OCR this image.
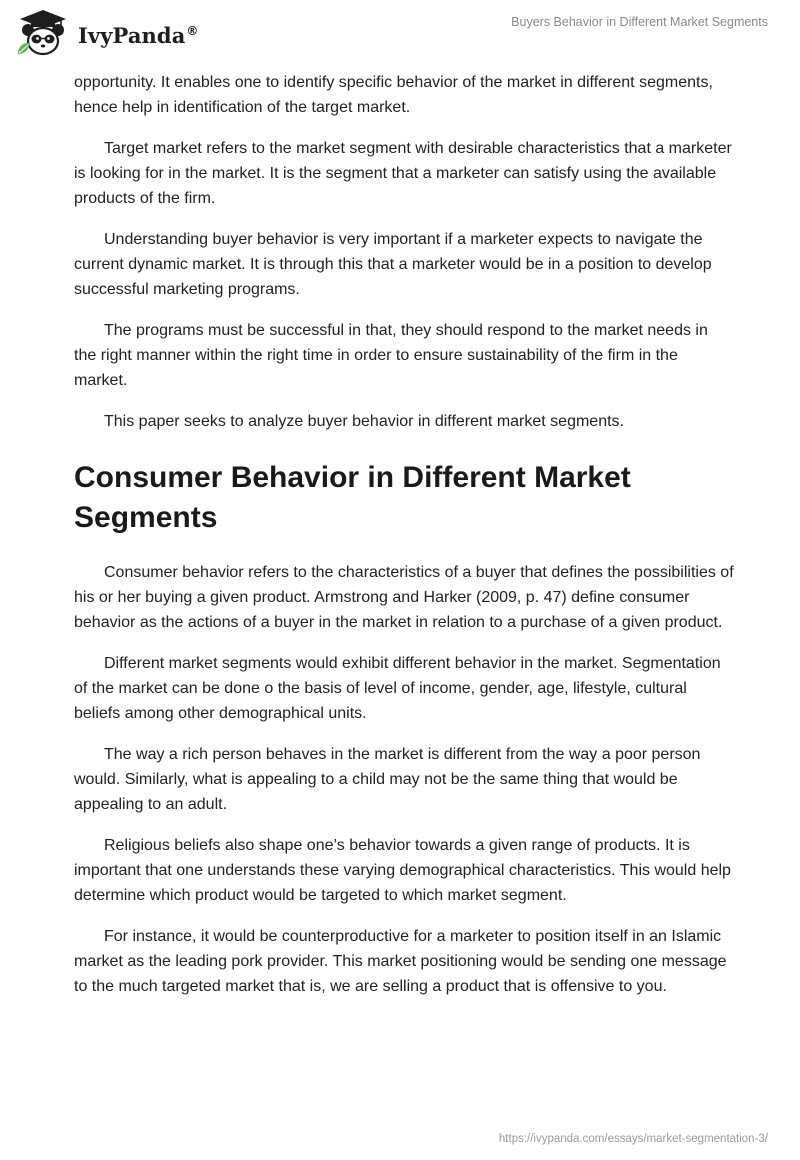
IvyPanda®
Buyers Behavior in Different Market Segments

opportunity. It enables one to identify specific behavior of the market in different segments, hence help in identification of the target market.

Target market refers to the market segment with desirable characteristics that a marketer is looking for in the market. It is the segment that a marketer can satisfy using the available products of the firm.

Understanding buyer behavior is very important if a marketer expects to navigate the current dynamic market. It is through this that a marketer would be in a position to develop successful marketing programs.

The programs must be successful in that, they should respond to the market needs in the right manner within the right time in order to ensure sustainability of the firm in the market.

This paper seeks to analyze buyer behavior in different market segments.

Consumer Behavior in Different Market Segments

Consumer behavior refers to the characteristics of a buyer that defines the possibilities of his or her buying a given product. Armstrong and Harker (2009, p. 47) define consumer behavior as the actions of a buyer in the market in relation to a purchase of a given product.

Different market segments would exhibit different behavior in the market. Segmentation of the market can be done o the basis of level of income, gender, age, lifestyle, cultural beliefs among other demographical units.

The way a rich person behaves in the market is different from the way a poor person would. Similarly, what is appealing to a child may not be the same thing that would be appealing to an adult.

Religious beliefs also shape one’s behavior towards a given range of products. It is important that one understands these varying demographical characteristics. This would help determine which product would be targeted to which market segment.

For instance, it would be counterproductive for a marketer to position itself in an Islamic market as the leading pork provider. This market positioning would be sending one message to the much targeted market that is, we are selling a product that is offensive to you.

https://ivypanda.com/essays/market-segmentation-3/
